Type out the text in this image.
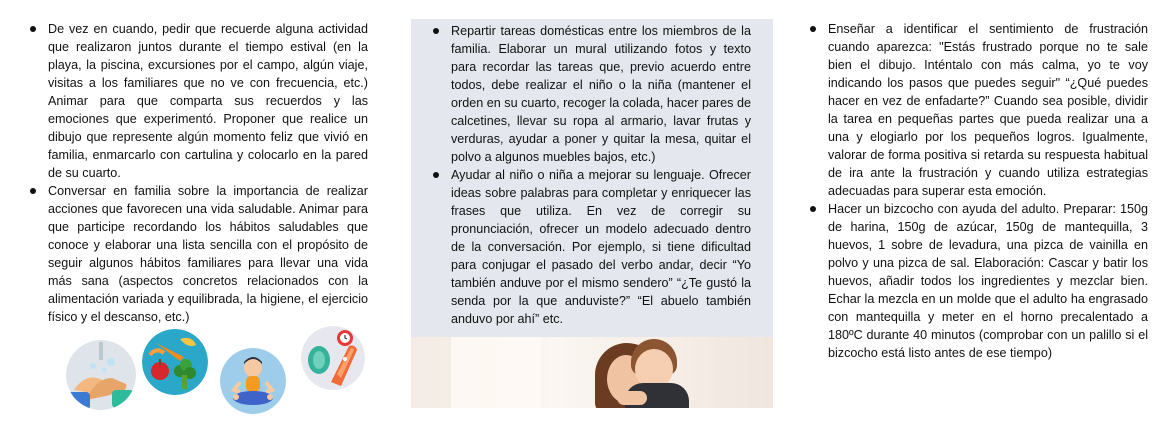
De vez en cuando, pedir que recuerde alguna actividad que realizaron juntos durante el tiempo estival (en la playa, la piscina, excursiones por el campo, algún viaje, visitas a los familiares que no ve con frecuencia, etc.) Animar para que comparta sus recuerdos y las emociones que experimentó. Proponer que realice un dibujo que represente algún momento feliz que vivió en familia, enmarcarlo con cartulina y colocarlo en la pared de su cuarto.
Conversar en familia sobre la importancia de realizar acciones que favorecen una vida saludable. Animar para que participe recordando los hábitos saludables que conoce y elaborar una lista sencilla con el propósito de seguir algunos hábitos familiares para llevar una vida más sana (aspectos concretos relacionados con la alimentación variada y equilibrada, la higiene, el ejercicio físico y el descanso, etc.)
Repartir tareas domésticas entre los miembros de la familia. Elaborar un mural utilizando fotos y texto para recordar las tareas que, previo acuerdo entre todos, debe realizar el niño o la niña (mantener el orden en su cuarto, recoger la colada, hacer pares de calcetines, llevar su ropa al armario, lavar frutas y verduras, ayudar a poner y quitar la mesa, quitar el polvo a algunos muebles bajos, etc.)
Ayudar al niño o niña a mejorar su lenguaje. Ofrecer ideas sobre palabras para completar y enriquecer las frases que utiliza. En vez de corregir su pronunciación, ofrecer un modelo adecuado dentro de la conversación. Por ejemplo, si tiene dificultad para conjugar el pasado del verbo andar, decir “Yo también anduve por el mismo sendero” “¿Te gustó la senda por la que anduviste?” “El abuelo también anduvo por ahí” etc.
Enseñar a identificar el sentimiento de frustración cuando aparezca: "Estás frustrado porque no te sale bien el dibujo. Inténtalo con más calma, yo te voy indicando los pasos que puedes seguir" “¿Qué puedes hacer en vez de enfadarte?” Cuando sea posible, dividir la tarea en pequeñas partes que pueda realizar una a una y elogiarlo por los pequeños logros. Igualmente, valorar de forma positiva si retarda su respuesta habitual de ira ante la frustración y cuando utiliza estrategias adecuadas para superar esta emoción.
Hacer un bizcocho con ayuda del adulto. Preparar: 150g de harina, 150g de azúcar, 150g de mantequilla, 3 huevos, 1 sobre de levadura, una pizca de vainilla en polvo y una pizca de sal. Elaboración: Cascar y batir los huevos, añadir todos los ingredientes y mezclar bien. Echar la mezcla en un molde que el adulto ha engrasado con mantequilla y meter en el horno precalentado a 180ºC durante 40 minutos (comprobar con un palillo si el bizcocho está listo antes de ese tiempo)
